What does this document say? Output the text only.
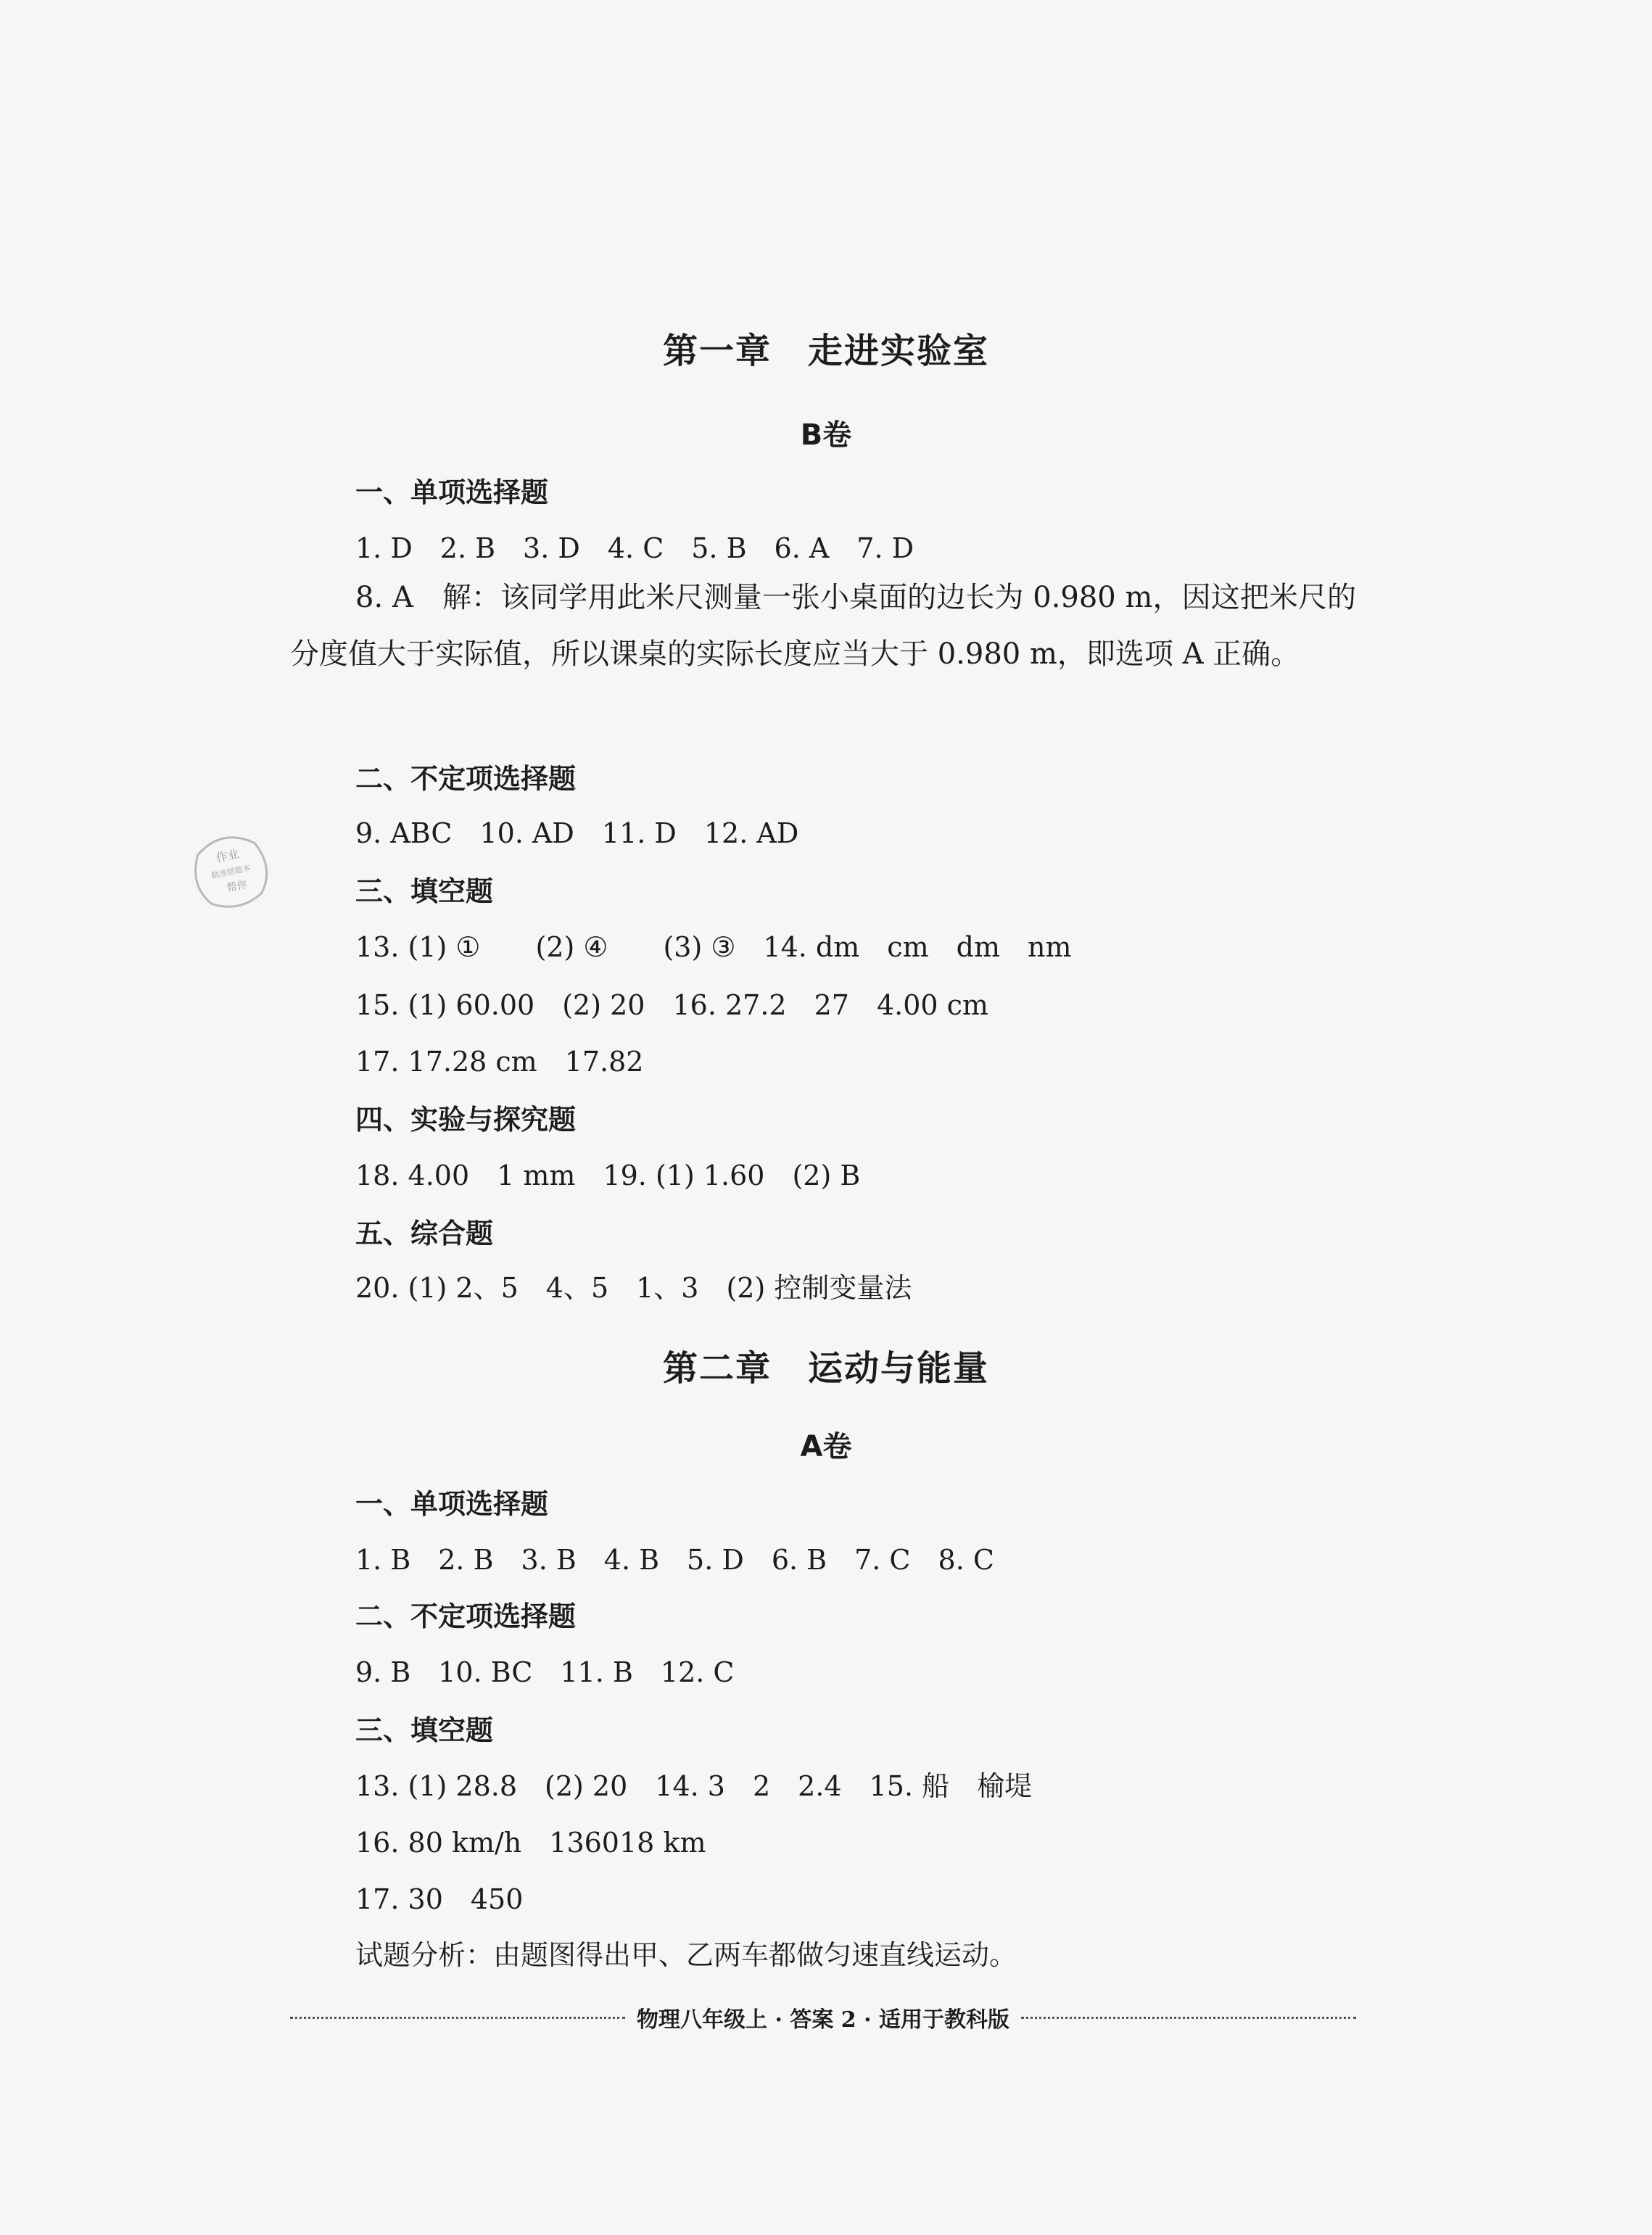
第一章　走进实验室
B卷
一、单项选择题
1. D　2. B　3. D　4. C　5. B　6. A　7. D
8. A　解：该同学用此米尺测量一张小桌面的边长为 0.980 m，因这把米尺的分度值大于实际值，所以课桌的实际长度应当大于 0.980 m，即选项 A 正确。
二、不定项选择题
9. ABC　10. AD　11. D　12. AD
三、填空题
13. (1) ①　　(2) ④　　(3) ③　14. dm　cm　dm　nm
15. (1) 60.00　(2) 20　16. 27.2　27　4.00 cm
17. 17.28 cm　17.82
四、实验与探究题
18. 4.00　1 mm　19. (1) 1.60　(2) B
五、综合题
20. (1) 2、5　4、5　1、3　(2) 控制变量法
第二章　运动与能量
A卷
一、单项选择题
1. B　2. B　3. B　4. B　5. D　6. B　7. C　8. C
二、不定项选择题
9. B　10. BC　11. B　12. C
三、填空题
13. (1) 28.8　(2) 20　14. 3　2　2.4　15. 船　榆堤
16. 80 km/h　136018 km
17. 30　450
试题分析：由题图得出甲、乙两车都做匀速直线运动。
物理八年级上 · 答案 2 · 适用于教科版
作业
精准错题本
帮你
